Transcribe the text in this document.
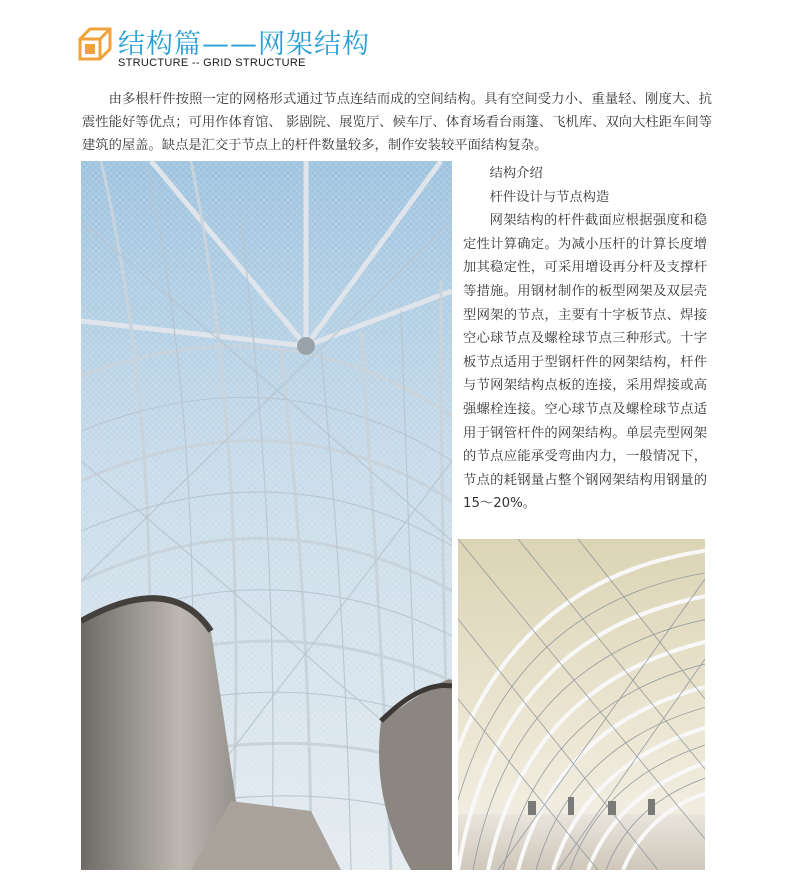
结构篇——网架结构
STRUCTURE -- GRID STRUCTURE
由多根杆件按照一定的网格形式通过节点连结而成的空间结构。具有空间受力小、重量轻、刚度大、抗震性能好等优点；可用作体育馆、 影剧院、展览厅、候车厅、体育场看台雨篷、飞机库、双向大柱距车间等建筑的屋盖。缺点是汇交于节点上的杆件数量较多，制作安装较平面结构复杂。

结构介绍

杆件设计与节点构造

网架结构的杆件截面应根据强度和稳定性计算确定。为减小压杆的计算长度增加其稳定性，可采用增设再分杆及支撑杆等措施。用钢材制作的板型网架及双层壳型网架的节点，主要有十字板节点、焊接空心球节点及螺栓球节点三种形式。十字板节点适用于型钢杆件的网架结构，杆件与节网架结构点板的连接，采用焊接或高强螺栓连接。空心球节点及螺栓球节点适用于钢管杆件的网架结构。单层壳型网架的节点应能承受弯曲内力，一般情况下，节点的耗钢量占整个钢网架结构用钢量的15～20%。
